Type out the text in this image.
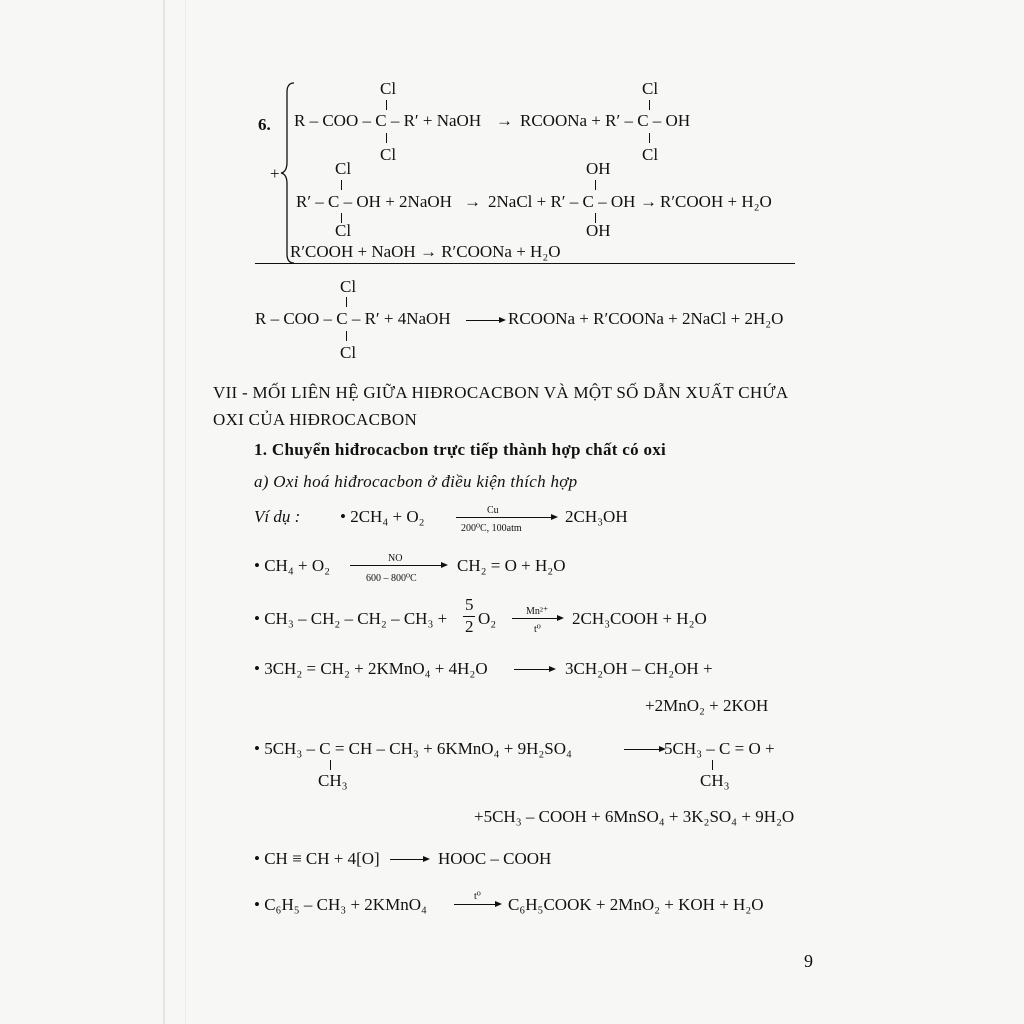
6.
+
Cl
R – COO – C – R′ + NaOH
Cl
→
Cl
RCOONa + R′ – C – OH
Cl
Cl
R′ – C – OH + 2NaOH
Cl
→
OH
2NaCl + R′ – C – OH
OH
→ R′COOH + H₂O
R′COOH + NaOH → R′COONa + H₂O
Cl
R – COO – C – R′ + 4NaOH	RCOONa + R′COONa + 2NaCl + 2H₂O
Cl
VII - MỐI LIÊN HỆ GIỮA HIĐROCACBON VÀ MỘT SỐ DẪN XUẤT CHỨA
OXI CỦA HIĐROCACBON
1. Chuyển hiđrocacbon trực tiếp thành hợp chất có oxi
a) Oxi hoá hiđrocacbon ở điều kiện thích hợp
Ví dụ : • 2CH₄ + O₂	Cu
200⁰C, 100atm
2CH₃OH
• CH₄ + O₂	NO
600 – 800⁰C
CH₂ = O + H₂O
• CH₃ – CH₂ – CH₂ – CH₃ +
5
2 O₂	Mn²⁺
t⁰
2CH₃COOH + H₂O
• 3CH₂ = CH₂ + 2KMnO₄ + 4H₂O	3CH₂OH – CH₂OH +
+2MnO₂ + 2KOH
• 5CH₃ – C = CH – CH₃ + 6KMnO₄ + 9H₂SO₄
CH₃
5CH₃ – C = O +
CH₃
+5CH₃ – COOH + 6MnSO₄ + 3K₂SO₄ + 9H₂O
• CH ≡ CH + 4[O]	HOOC – COOH
• C₆H₅ – CH₃ + 2KMnO₄	t⁰ C₆H₅COOK + 2MnO₂ + KOH + H₂O
9
